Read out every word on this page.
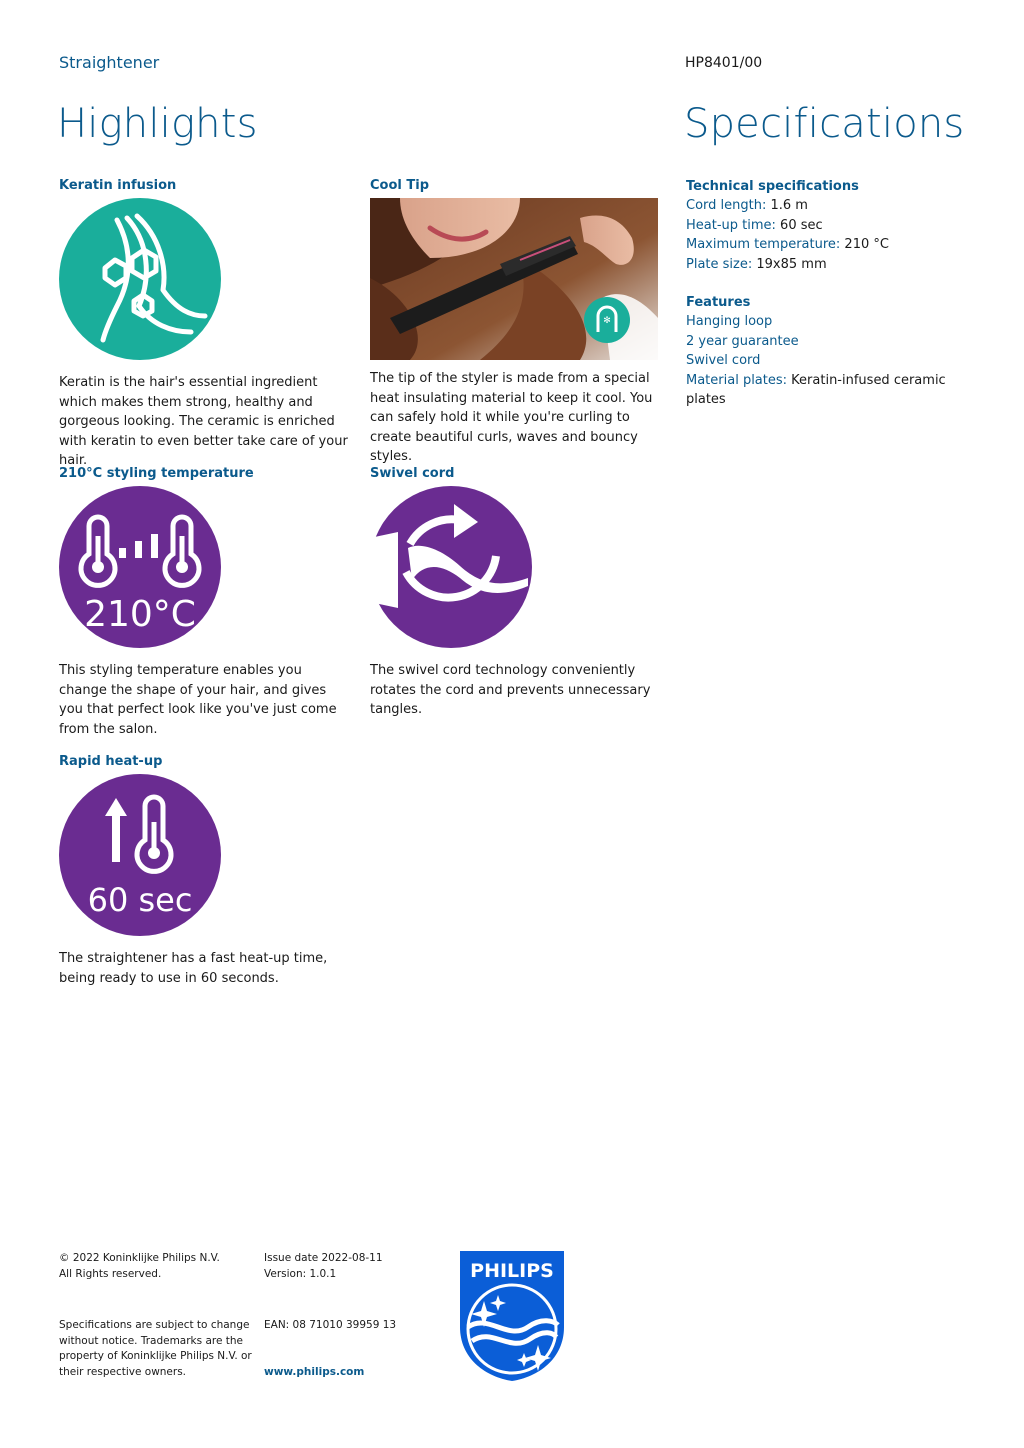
Straightener	HP8401/00
Highlights	Specifications
Keratin infusion

Keratin is the hair's essential ingredient which makes them strong, healthy and gorgeous looking. The ceramic is enriched with keratin to even better take care of your hair.

Cool Tip
✻

The tip of the styler is made from a special heat insulating material to keep it cool. You can safely hold it while you're curling to create beautiful curls, waves and bouncy styles.

210°C styling temperature
210°C

This styling temperature enables you change the shape of your hair, and gives you that perfect look like you've just come from the salon.

Swivel cord

The swivel cord technology conveniently rotates the cord and prevents unnecessary tangles.

Rapid heat-up
60 sec

The straightener has a fast heat-up time, being ready to use in 60 seconds.

Technical specifications
Cord length: 1.6 m
Heat-up time: 60 sec
Maximum temperature: 210 °C
Plate size: 19x85 mm
Features
Hanging loop
2 year guarantee
Swivel cord
Material plates: Keratin-infused ceramic plates
© 2022 Koninklijke Philips N.V.
All Rights reserved.
Issue date 2022-08-11
Version: 1.0.1
Specifications are subject to change
without notice. Trademarks are the
property of Koninklijke Philips N.V. or
their respective owners.
EAN: 08 71010 39959 13
www.philips.com
PHILIPS
